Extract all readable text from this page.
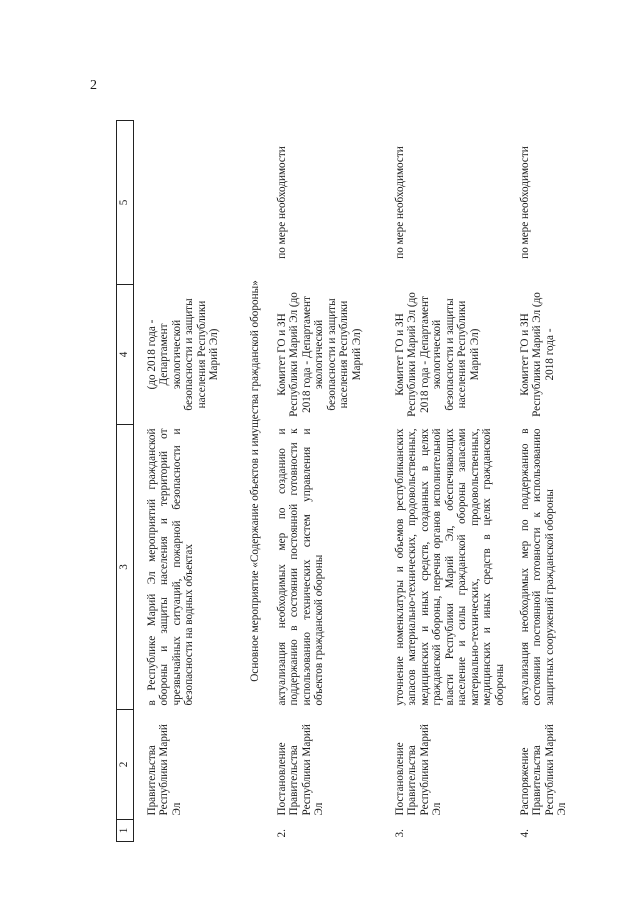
2
1	2	3	4	5
	Правительства Республики Марий Эл	в Республике Марий Эл мероприятий гражданской обороны и защиты населения и территорий от чрезвычайных ситуаций, пожарной безопасности и безопасности на водных объектах	(до 2018 года - Департамент экологической безопасности и защиты населения Республики Марий Эл)	
Основное мероприятие «Содержание объектов и имущества гражданской обороны»				
2.	Постановление Правительства Республики Марий Эл	актуализация необходимых мер по созданию и поддержанию в состоянии постоянной готовности к использованию технических систем управления и объектов гражданской обороны	Комитет ГО и ЗН Республики Марий Эл (до 2018 года - Департамент экологической безопасности и защиты населения Республики Марий Эл)	по мере необходимости
3.	Постановление Правительства Республики Марий Эл	уточнение номенклатуры и объемов республиканских запасов материально-технических, продовольственных, медицинских и иных средств, созданных в целях гражданской обороны, перечня органов исполнительной власти Республики Марий Эл, обеспечивающих население и силы гражданской обороны запасами материально-технических, продовольственных, медицинских и иных средств в целях гражданской обороны	Комитет ГО и ЗН Республики Марий Эл (до 2018 года - Департамент экологической безопасности и защиты населения Республики Марий Эл)	по мере необходимости
4.	Распоряжение Правительства Республики Марий Эл	актуализация необходимых мер по поддержанию в состоянии постоянной готовности к использованию защитных сооружений гражданской обороны	Комитет ГО и ЗН Республики Марий Эл (до 2018 года -	по мере необходимости
